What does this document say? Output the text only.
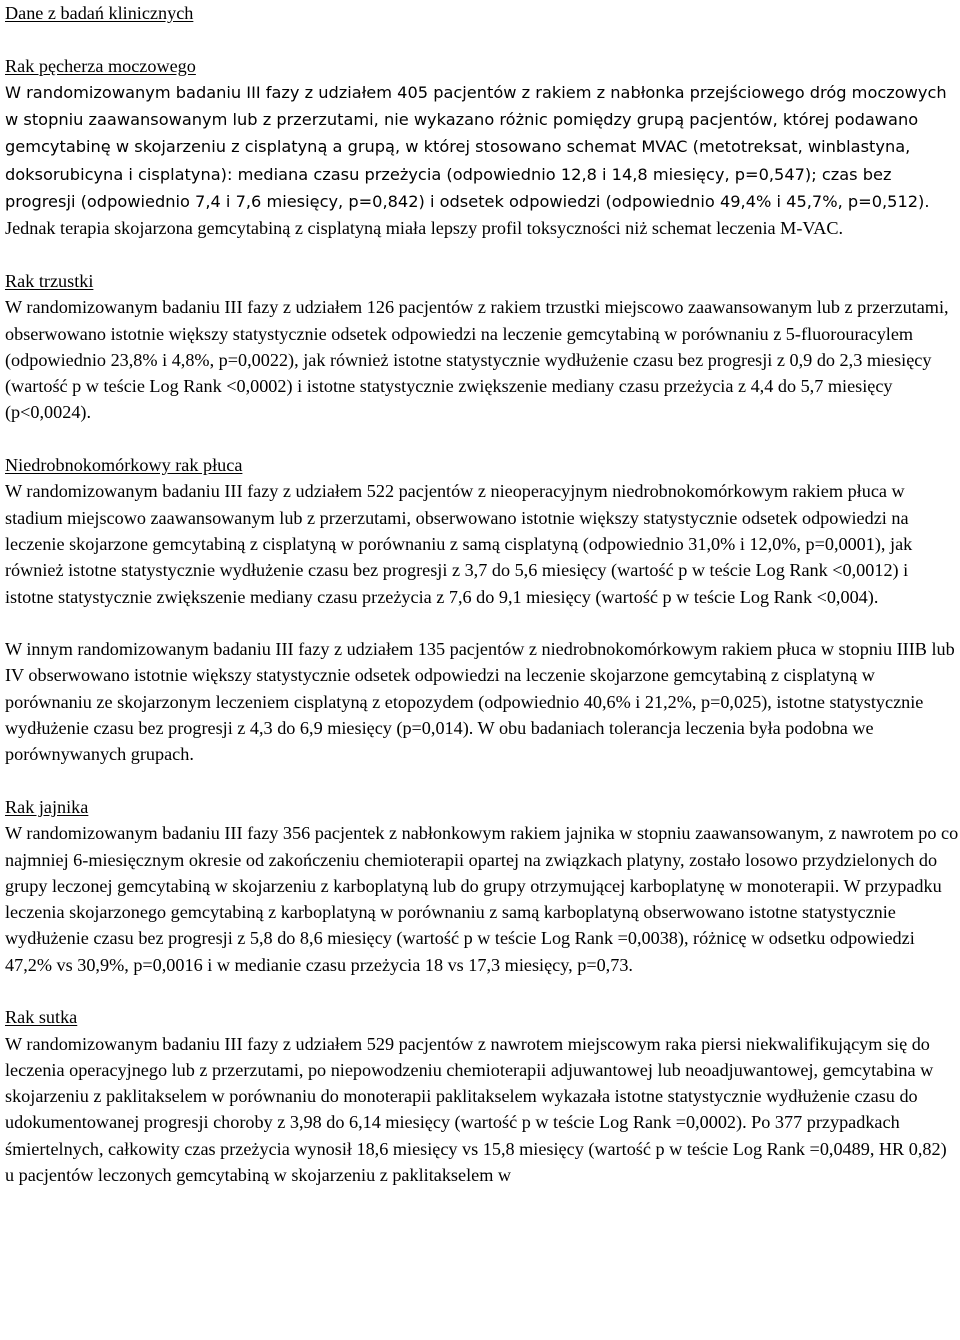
Dane z badań klinicznych
Rak pęcherza moczowego

W randomizowanym badaniu III fazy z udziałem 405 pacjentów z rakiem z nabłonka przejściowego dróg moczowych w stopniu zaawansowanym lub z przerzutami, nie wykazano różnic pomiędzy grupą pacjentów, której podawano gemcytabinę w skojarzeniu z cisplatyną a grupą, w której stosowano schemat MVAC (metotreksat, winblastyna, doksorubicyna i cisplatyna): mediana czasu przeżycia (odpowiednio 12,8 i 14,8 miesięcy, p=0,547); czas bez progresji (odpowiednio 7,4 i 7,6 miesięcy, p=0,842) i odsetek odpowiedzi (odpowiednio 49,4% i 45,7%, p=0,512). Jednak terapia skojarzona gemcytabiną z cisplatyną miała lepszy profil toksyczności niż schemat leczenia M-VAC.

Rak trzustki

W randomizowanym badaniu III fazy z udziałem 126 pacjentów z rakiem trzustki miejscowo zaawansowanym lub z przerzutami, obserwowano istotnie większy statystycznie odsetek odpowiedzi na leczenie gemcytabiną w porównaniu z 5-fluorouracylem (odpowiednio 23,8% i 4,8%, p=0,0022), jak również istotne statystycznie wydłużenie czasu bez progresji z 0,9 do 2,3 miesięcy (wartość p w teście Log Rank <0,0002) i istotne statystycznie zwiększenie mediany czasu przeżycia z 4,4 do 5,7 miesięcy (p<0,0024).

Niedrobnokomórkowy rak płuca

W randomizowanym badaniu III fazy z udziałem 522 pacjentów z nieoperacyjnym niedrobnokomórkowym rakiem płuca w stadium miejscowo zaawansowanym lub z przerzutami, obserwowano istotnie większy statystycznie odsetek odpowiedzi na leczenie skojarzone gemcytabiną z cisplatyną w porównaniu z samą cisplatyną (odpowiednio 31,0% i 12,0%, p=0,0001), jak również istotne statystycznie wydłużenie czasu bez progresji z 3,7 do 5,6 miesięcy (wartość p w teście Log Rank <0,0012) i istotne statystycznie zwiększenie mediany czasu przeżycia z 7,6 do 9,1 miesięcy (wartość p w teście Log Rank <0,004).

W innym randomizowanym badaniu III fazy z udziałem 135 pacjentów z niedrobnokomórkowym rakiem płuca w stopniu IIIB lub IV obserwowano istotnie większy statystycznie odsetek odpowiedzi na leczenie skojarzone gemcytabiną z cisplatyną w porównaniu ze skojarzonym leczeniem cisplatyną z etopozydem (odpowiednio 40,6% i 21,2%, p=0,025), istotne statystycznie wydłużenie czasu bez progresji z 4,3 do 6,9 miesięcy (p=0,014). W obu badaniach tolerancja leczenia była podobna we porównywanych grupach.

Rak jajnika

W randomizowanym badaniu III fazy 356 pacjentek z nabłonkowym rakiem jajnika w stopniu zaawansowanym, z nawrotem po co najmniej 6-miesięcznym okresie od zakończeniu chemioterapii opartej na związkach platyny, zostało losowo przydzielonych do grupy leczonej gemcytabiną w skojarzeniu z karboplatyną lub do grupy otrzymującej karboplatynę w monoterapii. W przypadku leczenia skojarzonego gemcytabiną z karboplatyną w porównaniu z samą karboplatyną obserwowano istotne statystycznie wydłużenie czasu bez progresji z 5,8 do 8,6 miesięcy (wartość p w teście Log Rank =0,0038), różnicę w odsetku odpowiedzi 47,2% vs 30,9%, p=0,0016 i w medianie czasu przeżycia 18 vs 17,3 miesięcy, p=0,73.

Rak sutka

W randomizowanym badaniu III fazy z udziałem 529 pacjentów z nawrotem miejscowym raka piersi niekwalifikującym się do leczenia operacyjnego lub z przerzutami, po niepowodzeniu chemioterapii adjuwantowej lub neoadjuwantowej, gemcytabina w skojarzeniu z paklitakselem w porównaniu do monoterapii paklitakselem wykazała istotne statystycznie wydłużenie czasu do udokumentowanej progresji choroby z 3,98 do 6,14 miesięcy (wartość p w teście Log Rank =0,0002). Po 377 przypadkach śmiertelnych, całkowity czas przeżycia wynosił 18,6 miesięcy vs 15,8 miesięcy (wartość p w teście Log Rank =0,0489, HR 0,82) u pacjentów leczonych gemcytabiną w skojarzeniu z paklitakselem w
